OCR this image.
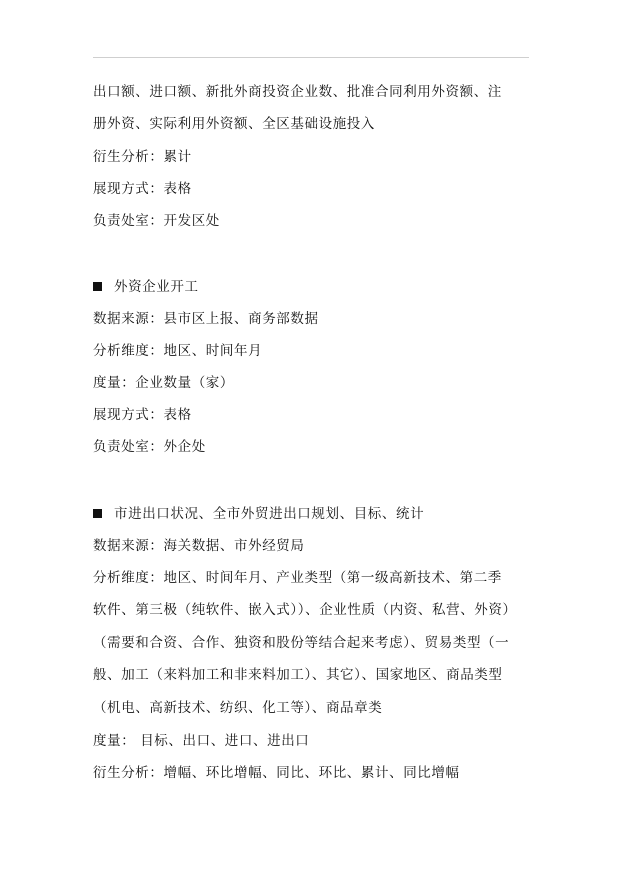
出口额、进口额、新批外商投资企业数、批准合同利用外资额、注
册外资、实际利用外资额、全区基础设施投入
衍生分析：累计
展现方式：表格
负责处室：开发区处
外资企业开工
数据来源：县市区上报、商务部数据
分析维度：地区、时间年月
度量：企业数量（家）
展现方式：表格
负责处室：外企处
市进出口状况、全市外贸进出口规划、目标、统计
数据来源：海关数据、市外经贸局
分析维度：地区、时间年月、产业类型（第一级高新技术、第二季
软件、第三极（纯软件、嵌入式））、企业性质（内资、私营、外资）
（需要和合资、合作、独资和股份等结合起来考虑）、贸易类型（一
般、加工（来料加工和非来料加工）、其它）、国家地区、商品类型
（机电、高新技术、纺织、化工等）、商品章类
度量： 目标、出口、进口、进出口
衍生分析：增幅、环比增幅、同比、环比、累计、同比增幅
